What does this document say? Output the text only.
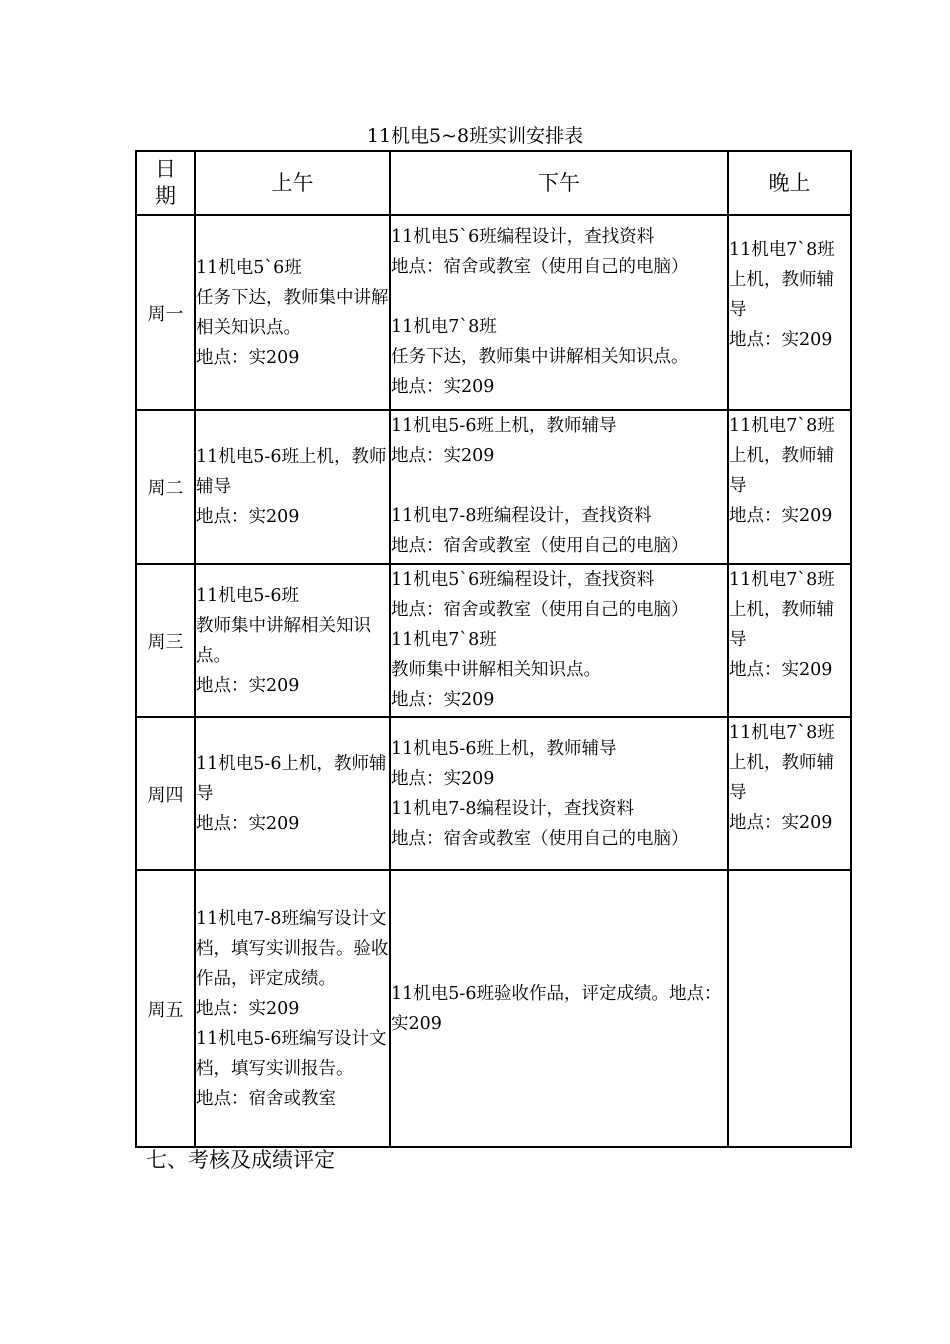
11机电5~8班实训安排表
日
期	上午	下午	晚上
周一	11机电5`6班
任务下达，教师集中讲解相关知识点。
地点：实209	11机电5`6班编程设计，查找资料
地点：宿舍或教室（使用自己的电脑）
11机电7`8班
任务下达，教师集中讲解相关知识点。
地点：实209	11机电7`8班上机，教师辅导
地点：实209

周二	11机电5-6班上机，教师辅导
地点：实209	11机电5-6班上机，教师辅导
地点：实209
11机电7-8班编程设计，查找资料
地点：宿舍或教室（使用自己的电脑）	11机电7`8班上机，教师辅导
地点：实209

周三	11机电5-6班
教师集中讲解相关知识点。
地点：实209	11机电5`6班编程设计，查找资料
地点：宿舍或教室（使用自己的电脑）
11机电7`8班
教师集中讲解相关知识点。
地点：实209	11机电7`8班上机，教师辅导
地点：实209

周四	11机电5-6上机，教师辅导
地点：实209	11机电5-6班上机，教师辅导
地点：实209
11机电7-8编程设计，查找资料
地点：宿舍或教室（使用自己的电脑）	11机电7`8班上机，教师辅导
地点：实209

周五	11机电7-8班编写设计文档，填写实训报告。验收作品，评定成绩。
地点：实209
11机电5-6班编写设计文档，填写实训报告。
地点：宿舍或教室	11机电5-6班验收作品，评定成绩。地点：实209	

七、考核及成绩评定
